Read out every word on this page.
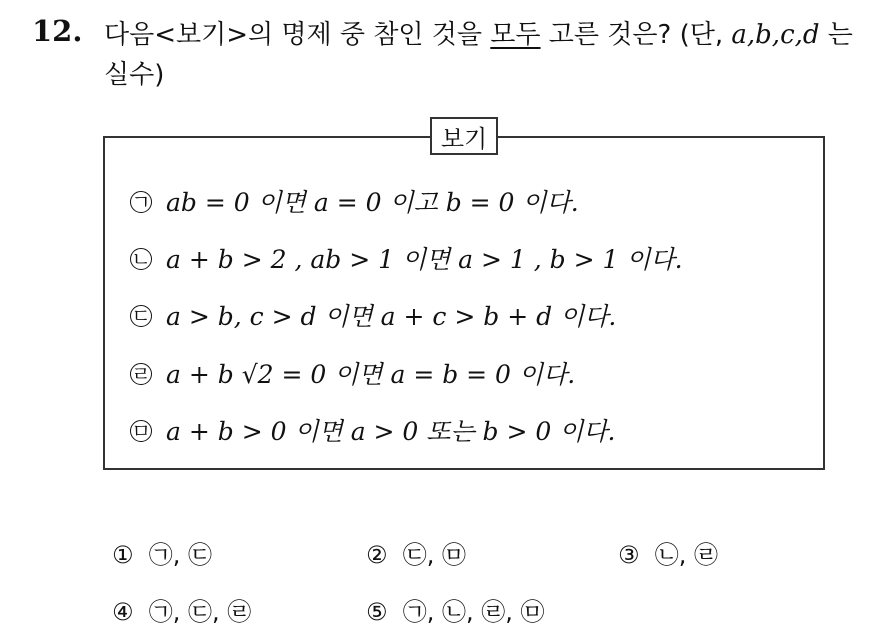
12. 다음<보기>의 명제 중 참인 것을 모두 고른 것은? (단, a,b,c,d 는
실수)
보기
ㄱ ab = 0 이면 a = 0 이고 b = 0 이다.
ㄴ a + b > 2 , ab > 1 이면 a > 1 , b > 1 이다.
ㄷ a > b, c > d 이면 a + c > b + d 이다.
ㄹ a + b √2 = 0 이면 a = b = 0 이다.
ㅁ a + b > 0 이면 a > 0 또는 b > 0 이다.
① ㉠, ㉢	② ㉢, ㉤	③ ㉡, ㉣
④ ㉠, ㉢, ㉣	⑤ ㉠, ㉡, ㉣, ㉤
